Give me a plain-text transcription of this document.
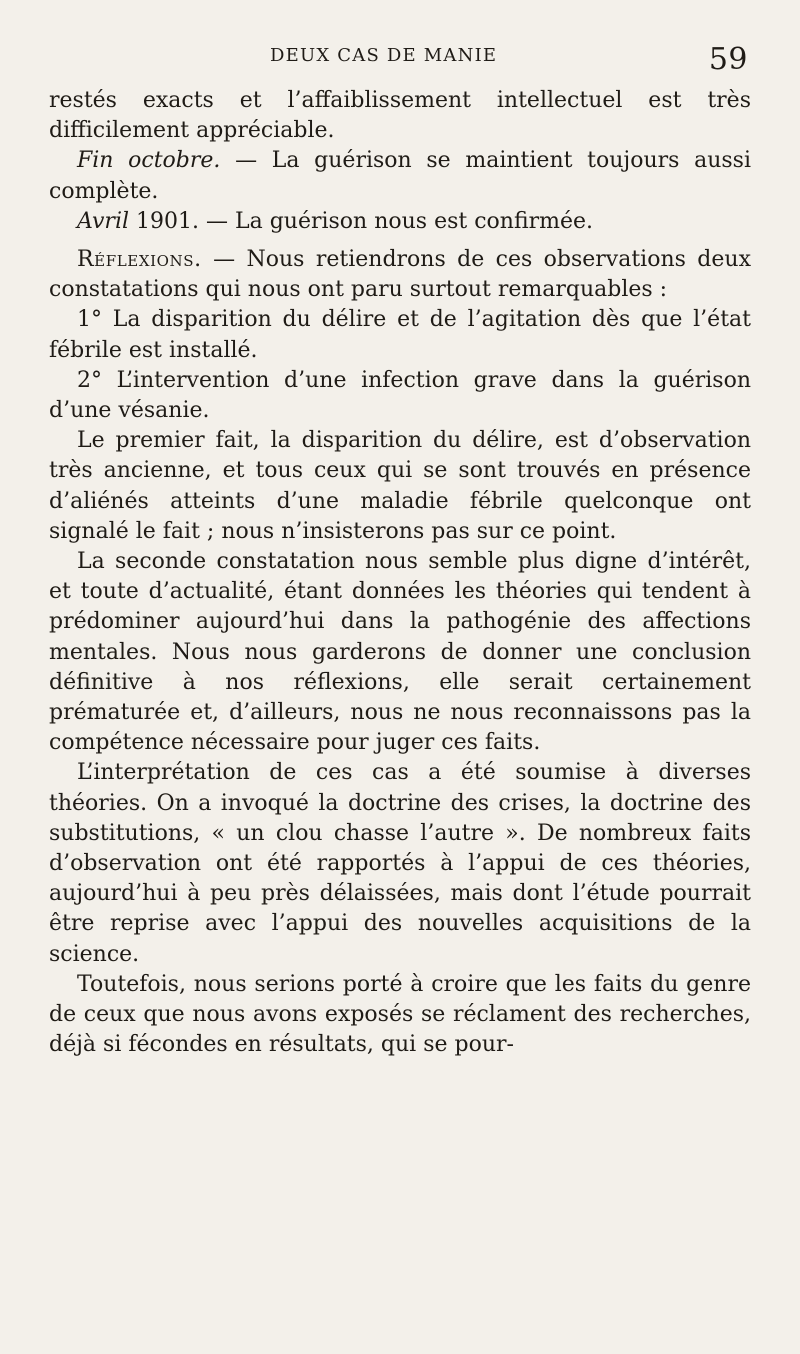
DEUX CAS DE MANIE	59

restés exacts et l’affaiblissement intellectuel est très difficilement appréciable.

Fin octobre. — La guérison se maintient toujours aussi complète.

Avril 1901. — La guérison nous est confirmée.

Réflexions. — Nous retiendrons de ces observations deux constatations qui nous ont paru surtout remarquables :

1° La disparition du délire et de l’agitation dès que l’état fébrile est installé.

2° L’intervention d’une infection grave dans la guérison d’une vésanie.

Le premier fait, la disparition du délire, est d’observation très ancienne, et tous ceux qui se sont trouvés en présence d’aliénés atteints d’une maladie fébrile quelconque ont signalé le fait ; nous n’insisterons pas sur ce point.

La seconde constatation nous semble plus digne d’intérêt, et toute d’actualité, étant données les théories qui tendent à prédominer aujourd’hui dans la pathogénie des affections mentales. Nous nous garderons de donner une conclusion définitive à nos réflexions, elle serait certainement prématurée et, d’ailleurs, nous ne nous reconnaissons pas la compétence nécessaire pour juger ces faits.

L’interprétation de ces cas a été soumise à diverses théories. On a invoqué la doctrine des crises, la doctrine des substitutions, « un clou chasse l’autre ». De nombreux faits d’observation ont été rapportés à l’appui de ces théories, aujourd’hui à peu près délaissées, mais dont l’étude pourrait être reprise avec l’appui des nouvelles acquisitions de la science.

Toutefois, nous serions porté à croire que les faits du genre de ceux que nous avons exposés se réclament des recherches, déjà si fécondes en résultats, qui se pour-
